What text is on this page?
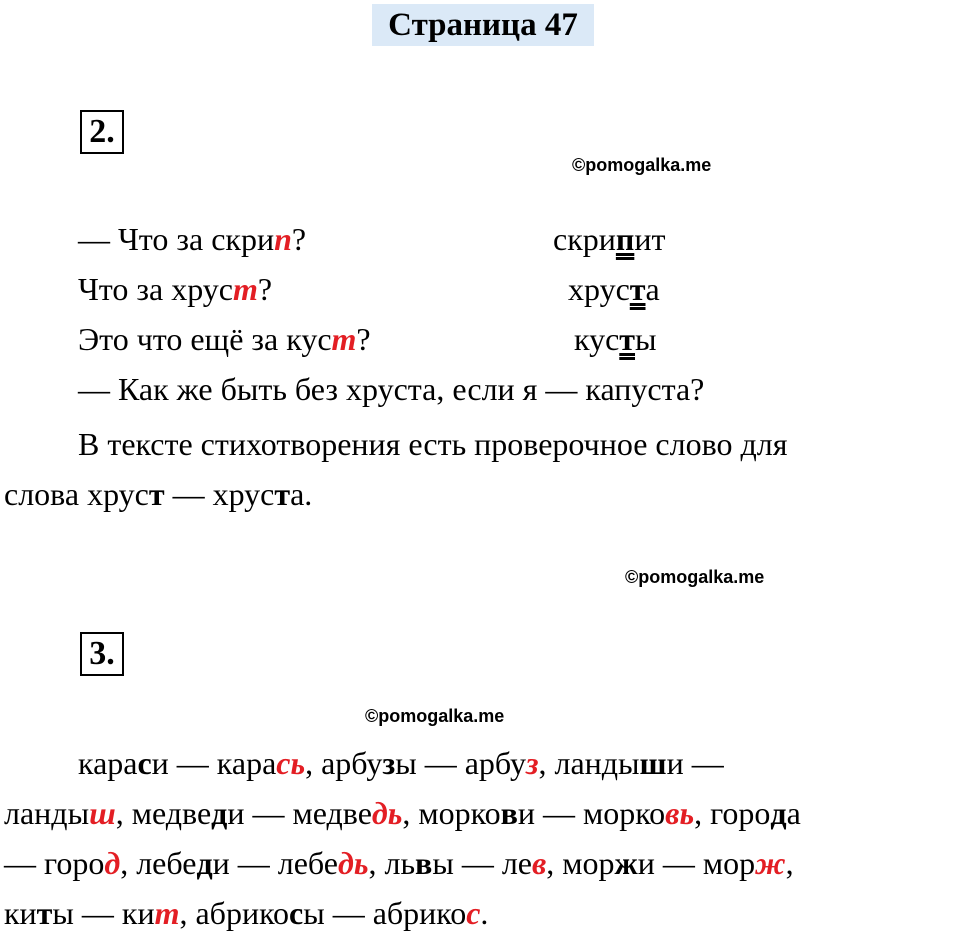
Страница 47
2.
©pomogalka.me
— Что за скрип?	скрипит
Что за хруст?	хруста
Это что ещё за куст?	кусты
— Как же быть без хруста, если я — капуста?
В тексте стихотворения есть проверочное слово для
слова хруст — хруста.
©pomogalka.me
3.
©pomogalka.me
караси — карась, арбузы — арбуз, ландыши —
ландыш, медведи — медведь, моркови — морковь, города
— город, лебеди — лебедь, львы — лев, моржи — морж,
киты — кит, абрикосы — абрикос.
